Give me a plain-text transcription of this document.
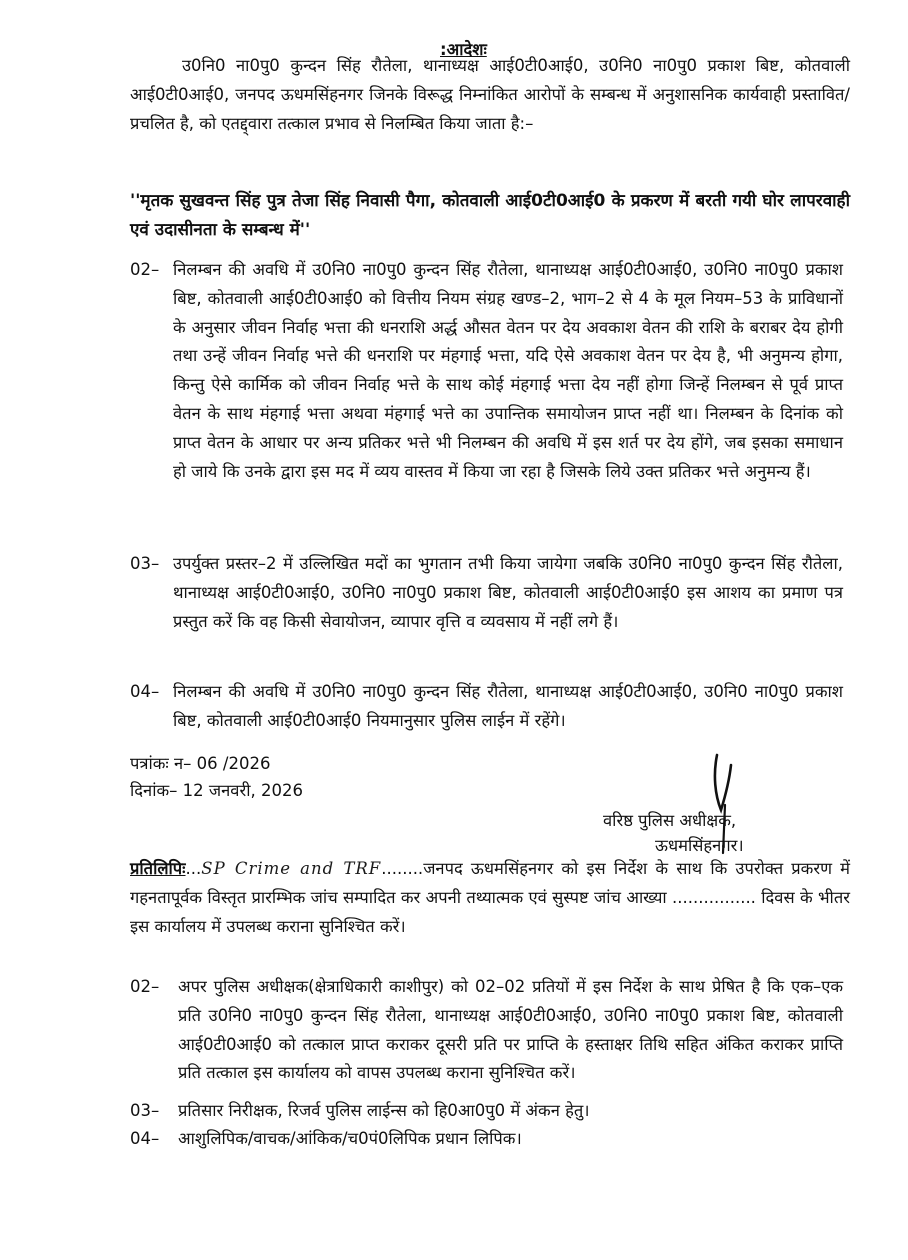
:आदेशः
उ0नि0 ना0पु0 कुन्दन सिंह रौतेला, थानाध्यक्ष आई0टी0आई0, उ0नि0 ना0पु0 प्रकाश बिष्ट, कोतवाली आई0टी0आई0, जनपद ऊधमसिंहनगर जिनके विरूद्ध निम्नांकित आरोपों के सम्बन्ध में अनुशासनिक कार्यवाही प्रस्तावित/प्रचलित है, को एतद्द्वारा तत्काल प्रभाव से निलम्बित किया जाता है:–
''मृतक सुखवन्त सिंह पुत्र तेजा सिंह निवासी पैगा, कोतवाली आई0टी0आई0 के प्रकरण में बरती गयी घोर लापरवाही एवं उदासीनता के सम्बन्ध में''
02– निलम्बन की अवधि में उ0नि0 ना0पु0 कुन्दन सिंह रौतेला, थानाध्यक्ष आई0टी0आई0, उ0नि0 ना0पु0 प्रकाश बिष्ट, कोतवाली आई0टी0आई0 को वित्तीय नियम संग्रह खण्ड–2, भाग–2 से 4 के मूल नियम–53 के प्राविधानों के अनुसार जीवन निर्वाह भत्ता की धनराशि अर्द्ध औसत वेतन पर देय अवकाश वेतन की राशि के बराबर देय होगी तथा उन्हें जीवन निर्वाह भत्ते की धनराशि पर मंहगाई भत्ता, यदि ऐसे अवकाश वेतन पर देय है, भी अनुमन्य होगा, किन्तु ऐसे कार्मिक को जीवन निर्वाह भत्ते के साथ कोई मंहगाई भत्ता देय नहीं होगा जिन्हें निलम्बन से पूर्व प्राप्त वेतन के साथ मंहगाई भत्ता अथवा मंहगाई भत्ते का उपान्तिक समायोजन प्राप्त नहीं था। निलम्बन के दिनांक को प्राप्त वेतन के आधार पर अन्य प्रतिकर भत्ते भी निलम्बन की अवधि में इस शर्त पर देय होंगे, जब इसका समाधान हो जाये कि उनके द्वारा इस मद में व्यय वास्तव में किया जा रहा है जिसके लिये उक्त प्रतिकर भत्ते अनुमन्य हैं।
03– उपर्युक्त प्रस्तर–2 में उल्लिखित मदों का भुगतान तभी किया जायेगा जबकि उ0नि0 ना0पु0 कुन्दन सिंह रौतेला, थानाध्यक्ष आई0टी0आई0, उ0नि0 ना0पु0 प्रकाश बिष्ट, कोतवाली आई0टी0आई0 इस आशय का प्रमाण पत्र प्रस्तुत करें कि वह किसी सेवायोजन, व्यापार वृत्ति व व्यवसाय में नहीं लगे हैं।
04– निलम्बन की अवधि में उ0नि0 ना0पु0 कुन्दन सिंह रौतेला, थानाध्यक्ष आई0टी0आई0, उ0नि0 ना0पु0 प्रकाश बिष्ट, कोतवाली आई0टी0आई0 नियमानुसार पुलिस लाईन में रहेंगे।
पत्रांकः न– 06 /2026
दिनांक– 12 जनवरी, 2026
वरिष्ठ पुलिस अधीक्षक,
ऊधमसिंहनगर।
प्रतिलिपिः...SP Crime and TRF........जनपद ऊधमसिंहनगर को इस निर्देश के साथ कि उपरोक्त प्रकरण में गहनतापूर्वक विस्तृत प्रारम्भिक जांच सम्पादित कर अपनी तथ्यात्मक एवं सुस्पष्ट जांच आख्या ................ दिवस के भीतर इस कार्यालय में उपलब्ध कराना सुनिश्चित करें।
02– अपर पुलिस अधीक्षक(क्षेत्राधिकारी काशीपुर) को 02–02 प्रतियों में इस निर्देश के साथ प्रेषित है कि एक–एक प्रति उ0नि0 ना0पु0 कुन्दन सिंह रौतेला, थानाध्यक्ष आई0टी0आई0, उ0नि0 ना0पु0 प्रकाश बिष्ट, कोतवाली आई0टी0आई0 को तत्काल प्राप्त कराकर दूसरी प्रति पर प्राप्ति के हस्ताक्षर तिथि सहित अंकित कराकर प्राप्ति प्रति तत्काल इस कार्यालय को वापस उपलब्ध कराना सुनिश्चित करें।
03– प्रतिसार निरीक्षक, रिजर्व पुलिस लाईन्स को हि0आ0पु0 में अंकन हेतु।
04– आशुलिपिक/वाचक/आंकिक/च0पं0लिपिक प्रधान लिपिक।
